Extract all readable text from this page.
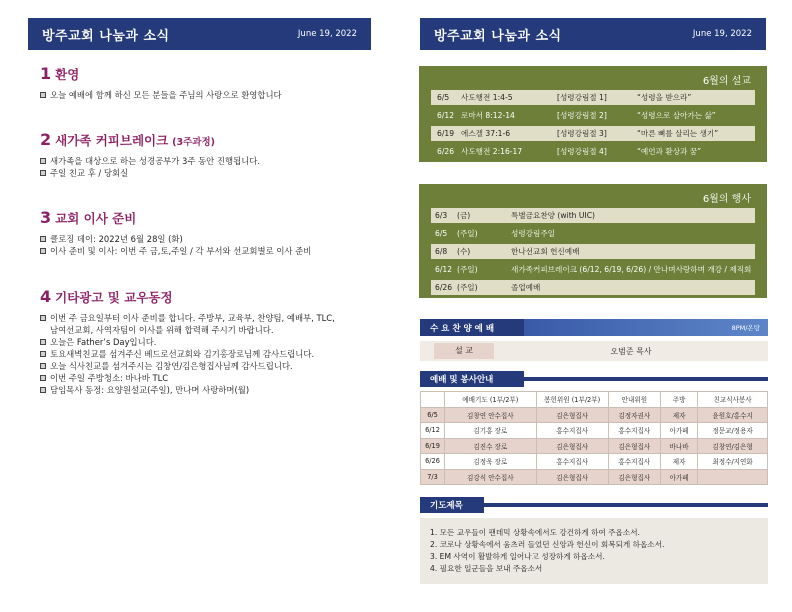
방주교회 나눔과 소식	June 19, 2022
1 환영
오늘 예배에 함께 하신 모든 분들을 주님의 사랑으로 환영합니다
2 새가족 커피브레이크 (3주과정)
새가족을 대상으로 하는 성경공부가 3주 동안 진행됩니다.
주일 친교 후 / 당회실
3 교회 이사 준비
클로징 데이: 2022년 6월 28일 (화)
이사 준비 및 이사: 이번 주 금,토,주일 / 각 부서와 선교회별로 이사 준비
4 기타광고 및 교우동정
이번 주 금요일부터 이사 준비를 합니다. 주방부, 교육부, 찬양팀, 예배부, TLC,
남여선교회, 사역자팀이 이사를 위해 합력해 주시기 바랍니다.
오늘은 Father’s Day입니다.
토요새벽친교를 섬겨주신 베드로선교회와 김기홍장로님께 감사드립니다.
오늘 식사친교를 섬겨주시는 김창연/김은형집사님께 감사드립니다.
이번 주일 주방청소: 바나바 TLC
담임목사 동정: 요양원설교(주일), 만나며 사랑하며(월)
방주교회 나눔과 소식	June 19, 2022
6월의 설교
6/5	사도행전 1:4-5	[성령강림절 1]	“성령을 받으라”
6/12 로마서 8:12-14	[성령강림절 2]	“성령으로 살아가는 삶”
6/19 에스겔 37:1-6	[성령강림절 3]	“마른 뼈를 살리는 생기”
6/26 사도행전 2:16-17	[성령강림절 4]	“예언과 환상과 꿈”
6월의 행사
6/3	(금)	특별금요찬양 (with UIC)
6/5	(주일)	성령강림주일
6/8	(수)	한나선교회 헌신예배
6/12 (주일)	새가족커피브레이크 (6/12, 6/19, 6/26) / 만나며사랑하며 개강 / 제직회
6/26 (주일)	졸업예배
수 요 찬 양 예 배	8PM/온탕
설 교	오범준 목사
예배 및 봉사안내
	예배기도 (1부/2부)	봉헌위원 (1부/2부)	안내위원	주방	친교식사봉사
6/5	김창연 안수집사	김은형집사	김정자권사	제자	윤원호/홍수지
6/12	김기홍 장로	홍수지집사	홍수지집사	아가페	정문교/정용자
6/19	김진수 장로	김은형집사	김은형집사	바나바	김창연/김은형
6/26	김정욱 장로	홍수지집사	홍수지집사	제자	최정수/지연화
7/3	김강식 안수집사	김은형집사	김은형집사	아가페	
기도제목

1. 모든 교우들이 팬데믹 상황속에서도 강건하게 하여 주옵소서.

2. 코로나 상황속에서 움츠러 들었던 신앙과 헌신이 회복되게 하옵소서.

3. EM 사역이 활발하게 일어나고 성장하게 하옵소서.

4. 필요한 일군들을 보내 주옵소서
